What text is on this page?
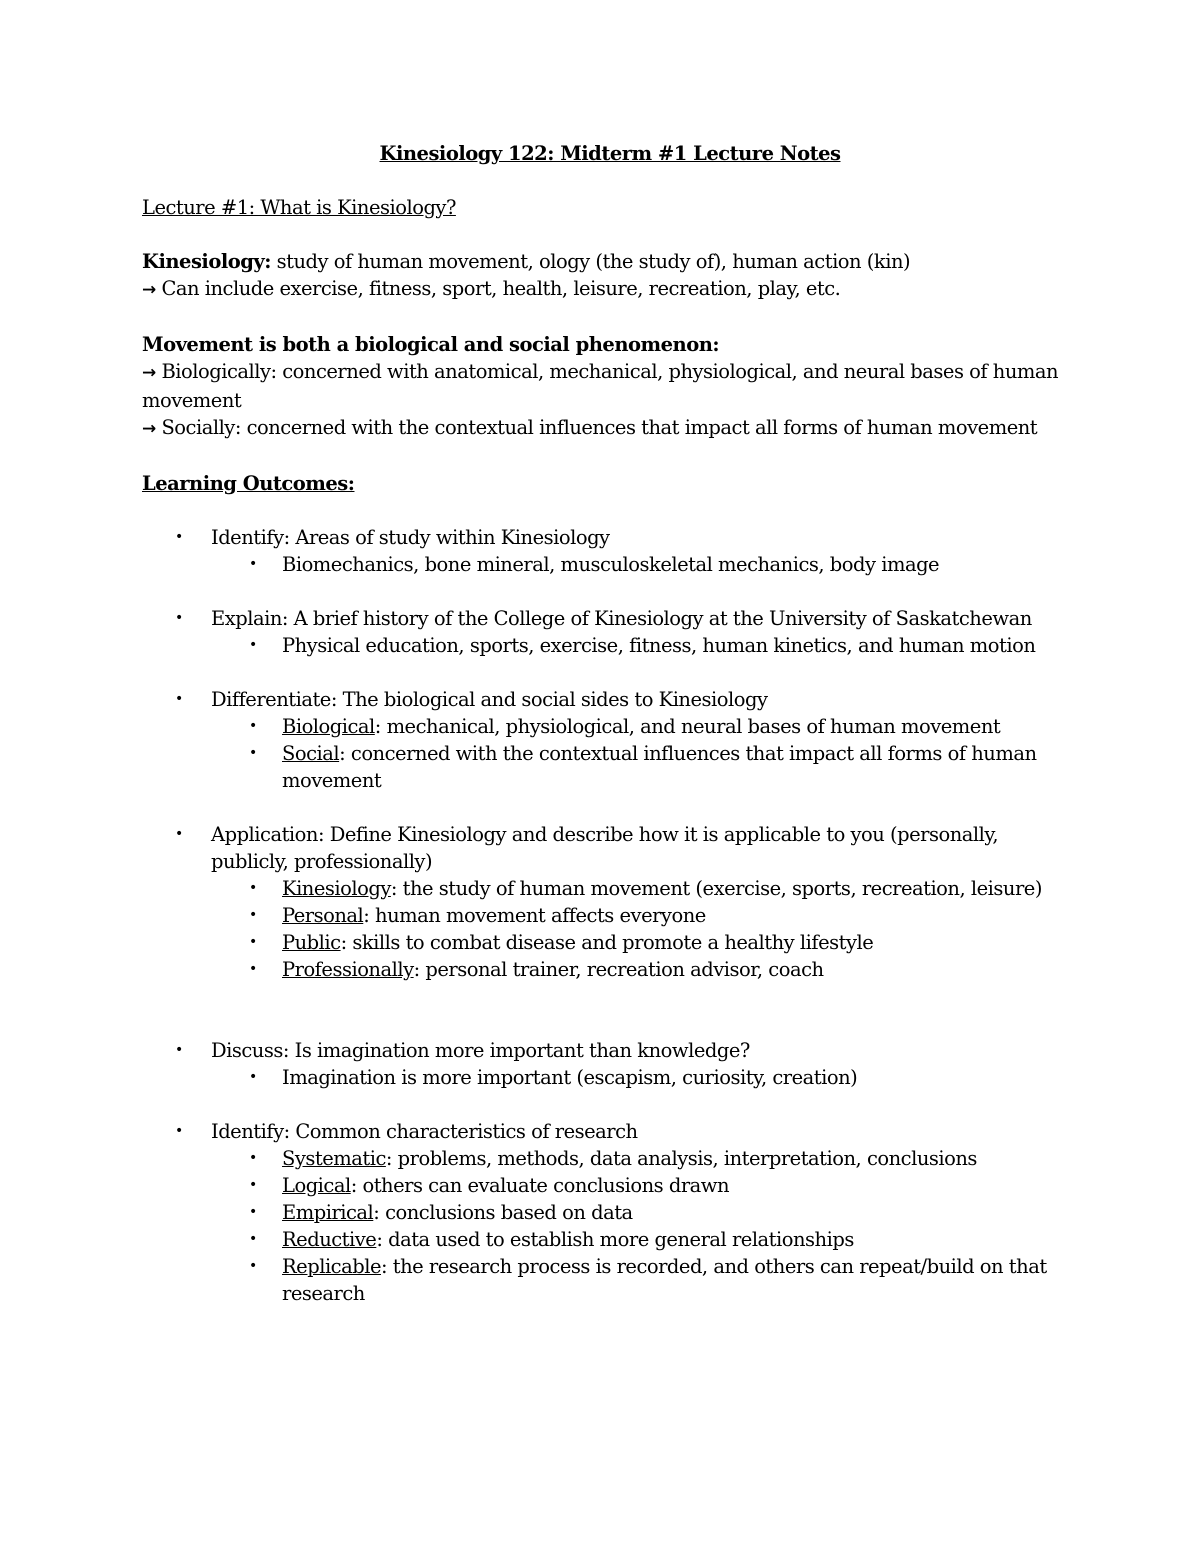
Kinesiology 122: Midterm #1 Lecture Notes
Lecture #1: What is Kinesiology?

Kinesiology: study of human movement, ology (the study of), human action (kin)

→ Can include exercise, fitness, sport, health, leisure, recreation, play, etc.

Movement is both a biological and social phenomenon:

→ Biologically: concerned with anatomical, mechanical, physiological, and neural bases of human movement

→ Socially: concerned with the contextual influences that impact all forms of human movement

Learning Outcomes:
• Identify: Areas of study within Kinesiology
• Biomechanics, bone mineral, musculoskeletal mechanics, body image
• Explain: A brief history of the College of Kinesiology at the University of Saskatchewan
• Physical education, sports, exercise, fitness, human kinetics, and human motion
• Differentiate: The biological and social sides to Kinesiology
• Biological: mechanical, physiological, and neural bases of human movement
• Social: concerned with the contextual influences that impact all forms of human movement
• Application: Define Kinesiology and describe how it is applicable to you (personally, publicly, professionally)
• Kinesiology: the study of human movement (exercise, sports, recreation, leisure)
• Personal: human movement affects everyone
• Public: skills to combat disease and promote a healthy lifestyle
• Professionally: personal trainer, recreation advisor, coach
• Discuss: Is imagination more important than knowledge?
• Imagination is more important (escapism, curiosity, creation)
• Identify: Common characteristics of research
• Systematic: problems, methods, data analysis, interpretation, conclusions
• Logical: others can evaluate conclusions drawn
• Empirical: conclusions based on data
• Reductive: data used to establish more general relationships
• Replicable: the research process is recorded, and others can repeat/build on that research
